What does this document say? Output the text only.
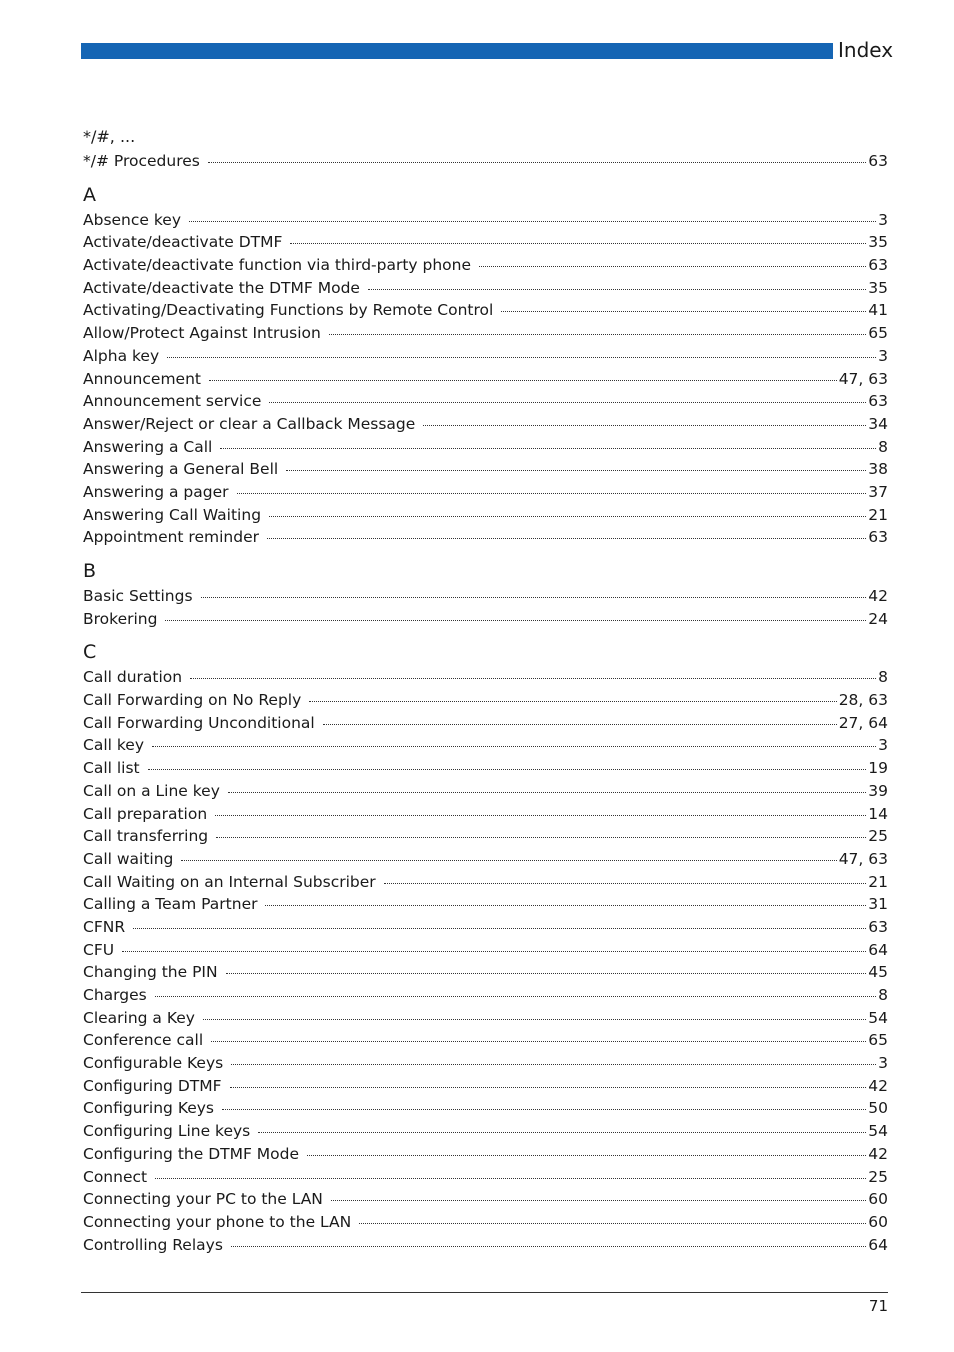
Index
*/#, ...
*/# Procedures	63
A
Absence key	3
Activate/deactivate DTMF	35
Activate/deactivate function via third-party phone	63
Activate/deactivate the DTMF Mode	35
Activating/Deactivating Functions by Remote Control	41
Allow/Protect Against Intrusion	65
Alpha key	3
Announcement	47, 63
Announcement service	63
Answer/Reject or clear a Callback Message	34
Answering a Call	8
Answering a General Bell	38
Answering a pager	37
Answering Call Waiting	21
Appointment reminder	63
B
Basic Settings	42
Brokering	24
C
Call duration	8
Call Forwarding on No Reply	28, 63
Call Forwarding Unconditional	27, 64
Call key	3
Call list	19
Call on a Line key	39
Call preparation	14
Call transferring	25
Call waiting	47, 63
Call Waiting on an Internal Subscriber	21
Calling a Team Partner	31
CFNR	63
CFU	64
Changing the PIN	45
Charges	8
Clearing a Key	54
Conference call	65
Configurable Keys	3
Configuring DTMF	42
Configuring Keys	50
Configuring Line keys	54
Configuring the DTMF Mode	42
Connect	25
Connecting your PC to the LAN	60
Connecting your phone to the LAN	60
Controlling Relays	64
71
